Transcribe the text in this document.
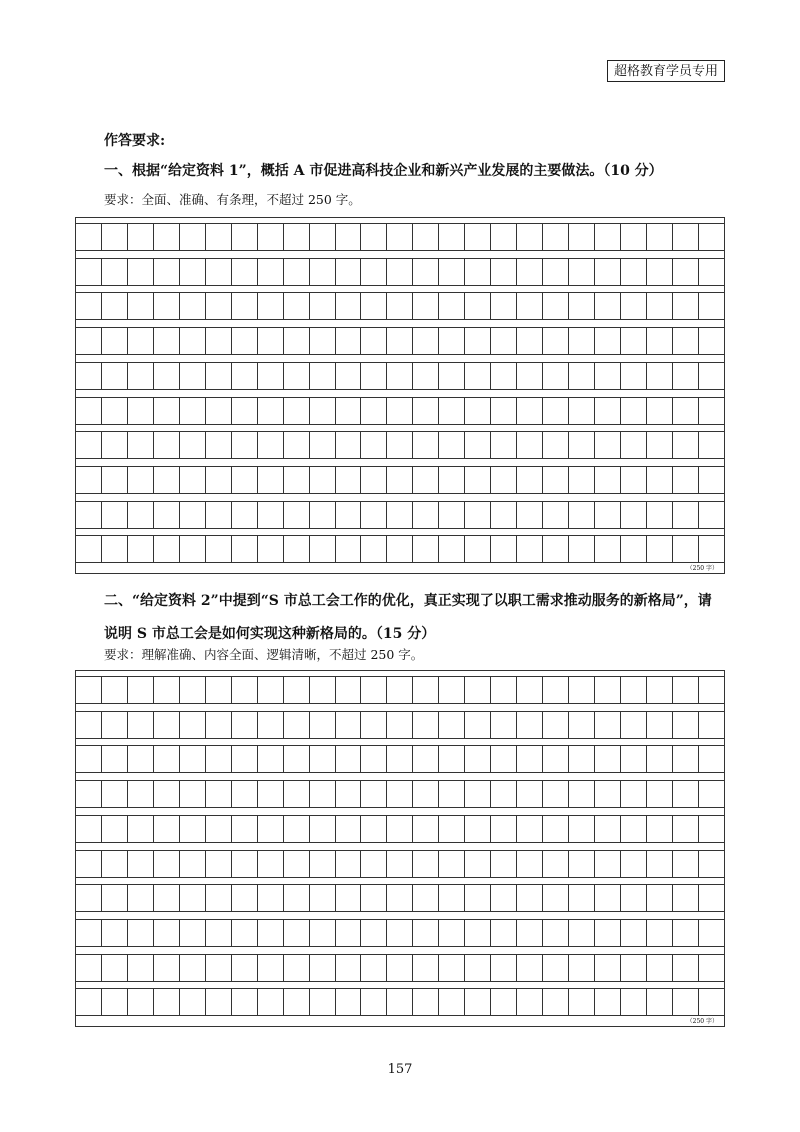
超格教育学员专用
作答要求:
一、根据“给定资料 1”，概括 A 市促进高科技企业和新兴产业发展的主要做法。（10 分）
要求：全面、准确、有条理，不超过 250 字。
（250 字）
二、“给定资料 2”中提到“S 市总工会工作的优化，真正实现了以职工需求推动服务的新格局”，请说明 S 市总工会是如何实现这种新格局的。（15 分）
要求：理解准确、内容全面、逻辑清晰，不超过 250 字。
（250 字）
157
